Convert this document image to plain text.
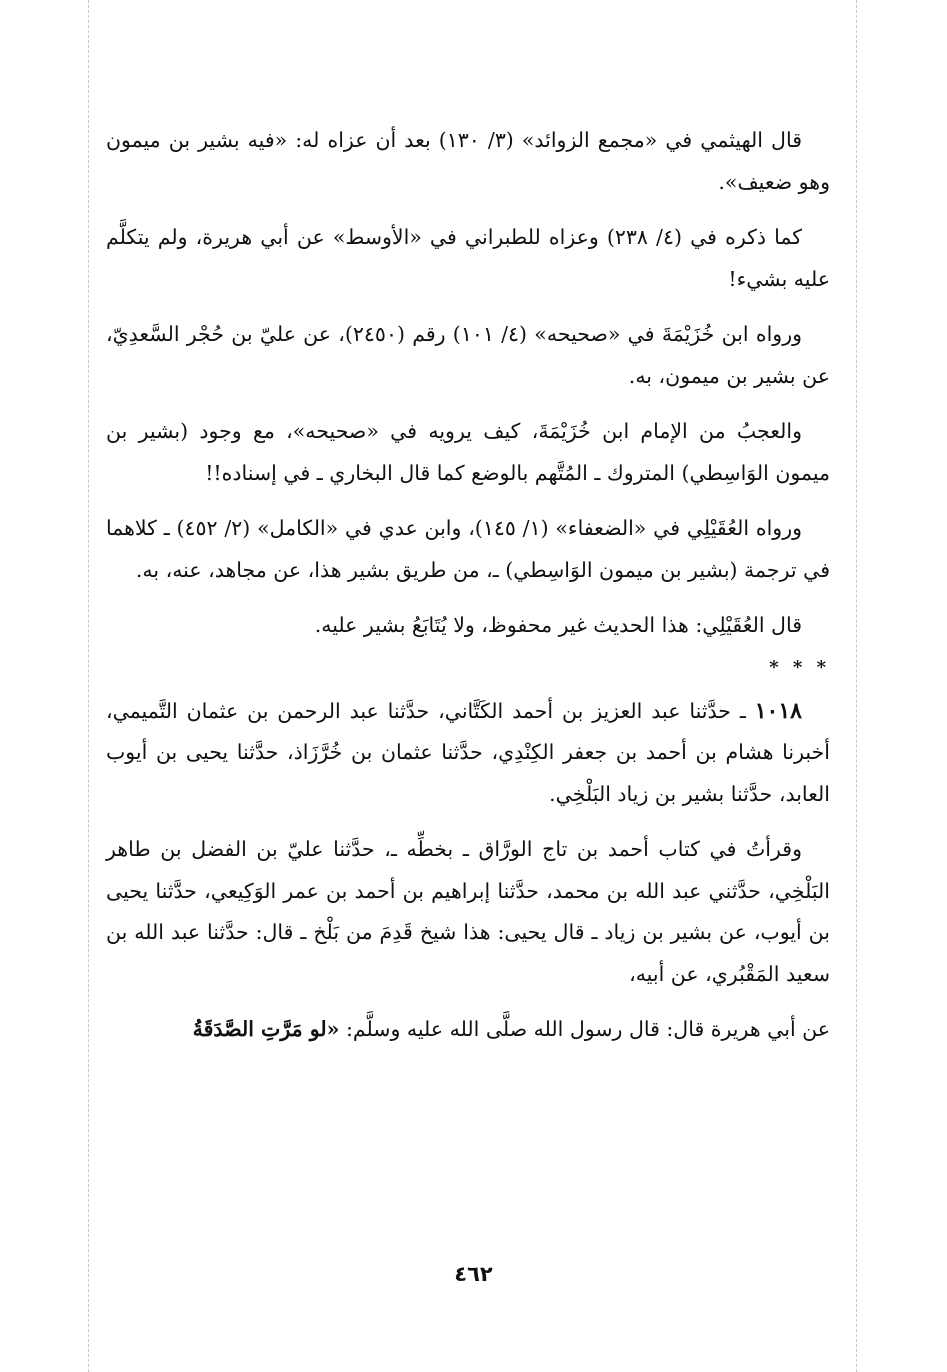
قال الهيثمي في «مجمع الزوائد» (٣/ ١٣٠) بعد أن عزاه له: «فيه بشير بن ميمون وهو ضعيف».

كما ذكره في (٤/ ٢٣٨) وعزاه للطبراني في «الأوسط» عن أبي هريرة، ولم يتكلَّم عليه بشيء!

ورواه ابن خُزَيْمَةَ في «صحيحه» (٤/ ١٠١) رقم (٢٤٥٠)، عن عليّ بن حُجْر السَّعدِيّ، عن بشير بن ميمون، به.

والعجبُ من الإمام ابن خُزَيْمَةَ، كيف يرويه في «صحيحه»، مع وجود (بشير بن ميمون الوَاسِطي) المتروك ـ المُتَّهم بالوضع كما قال البخاري ـ في إسناده!!

ورواه العُقَيْلِي في «الضعفاء» (١/ ١٤٥)، وابن عدي في «الكامل» (٢/ ٤٥٢) ـ كلاهما في ترجمة (بشير بن ميمون الوَاسِطي) ـ، من طريق بشير هذا، عن مجاهد، عنه، به.

قال العُقَيْلِي: هذا الحديث غير محفوظ، ولا يُتَابَعُ بشير عليه.

* * *

١٠١٨ ـ حدَّثنا عبد العزيز بن أحمد الكَتَّاني، حدَّثنا عبد الرحمن بن عثمان التَّميمي، أخبرنا هشام بن أحمد بن جعفر الكِنْدِي، حدَّثنا عثمان بن خُرَّزَاذ، حدَّثنا يحيى بن أيوب العابد، حدَّثنا بشير بن زياد البَلْخِي.

وقرأتُ في كتاب أحمد بن تاج الورَّاق ـ بخطِّه ـ، حدَّثنا عليّ بن الفضل بن طاهر البَلْخِي، حدَّثني عبد الله بن محمد، حدَّثنا إبراهيم بن أحمد بن عمر الوَكِيعي، حدَّثنا يحيى بن أيوب، عن بشير بن زياد ـ قال يحيى: هذا شيخ قَدِمَ من بَلْخ ـ قال: حدَّثنا عبد الله بن سعيد المَقْبُري، عن أبيه،

عن أبي هريرة قال: قال رسول الله صلَّى الله عليه وسلَّم: «لو مَرَّتِ الصَّدَقَةُ

٤٦٢
